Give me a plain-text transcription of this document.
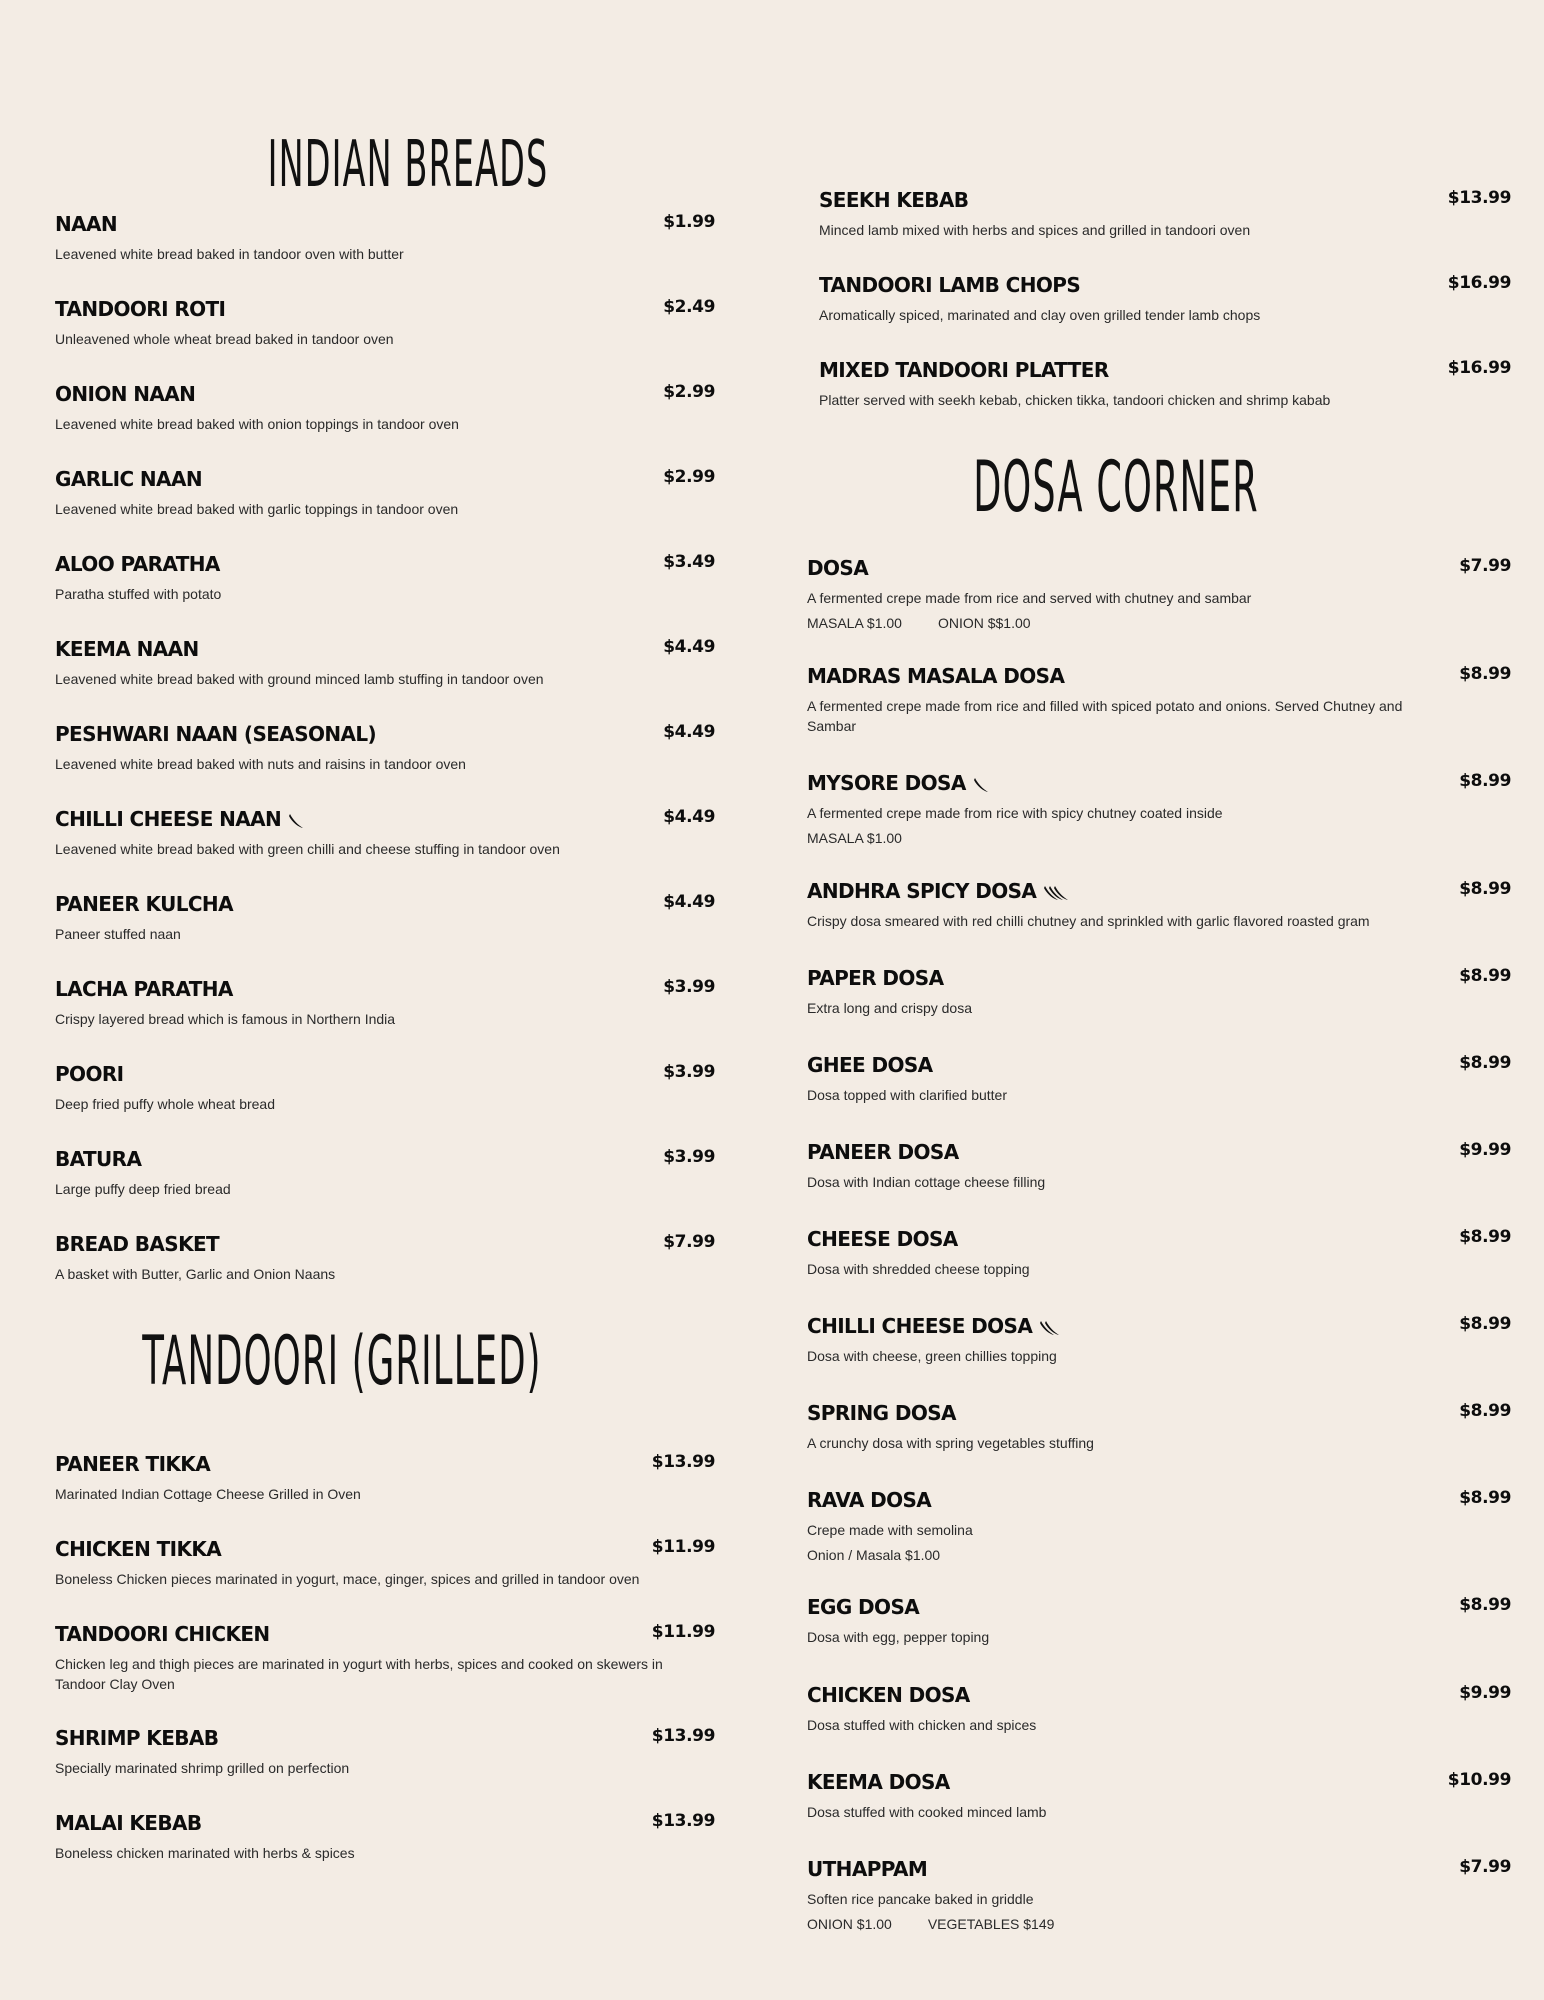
INDIAN BREADS
TANDOORI (GRILLED)
DOSA CORNER
NAAN	$1.99
Leavened white bread baked in tandoor oven with butter
TANDOORI ROTI	$2.49
Unleavened whole wheat bread baked in tandoor oven
ONION NAAN	$2.99
Leavened white bread baked with onion toppings in tandoor oven
GARLIC NAAN	$2.99
Leavened white bread baked with garlic toppings in tandoor oven
ALOO PARATHA	$3.49
Paratha stuffed with potato
KEEMA NAAN	$4.49
Leavened white bread baked with ground minced lamb stuffing in tandoor oven
PESHWARI NAAN (SEASONAL)	$4.49
Leavened white bread baked with nuts and raisins in tandoor oven
CHILLI CHEESE NAAN	$4.49
Leavened white bread baked with green chilli and cheese stuffing in tandoor oven
PANEER KULCHA	$4.49
Paneer stuffed naan
LACHA PARATHA	$3.99
Crispy layered bread which is famous in Northern India
POORI	$3.99
Deep fried puffy whole wheat bread
BATURA	$3.99
Large puffy deep fried bread
BREAD BASKET	$7.99
A basket with Butter, Garlic and Onion Naans
PANEER TIKKA	$13.99
Marinated Indian Cottage Cheese Grilled in Oven
CHICKEN TIKKA	$11.99
Boneless Chicken pieces marinated in yogurt, mace, ginger, spices and grilled in tandoor oven
TANDOORI CHICKEN	$11.99
Chicken leg and thigh pieces are marinated in yogurt with herbs, spices and cooked on skewers in Tandoor Clay Oven
SHRIMP KEBAB	$13.99
Specially marinated shrimp grilled on perfection
MALAI KEBAB	$13.99
Boneless chicken marinated with herbs & spices
SEEKH KEBAB	$13.99
Minced lamb mixed with herbs and spices and grilled in tandoori oven
TANDOORI LAMB CHOPS	$16.99
Aromatically spiced, marinated and clay oven grilled tender lamb chops
MIXED TANDOORI PLATTER	$16.99
Platter served with seekh kebab, chicken tikka, tandoori chicken and shrimp kabab
DOSA	$7.99
A fermented crepe made from rice and served with chutney and sambar
MASALA $1.00	ONION $$1.00
MADRAS MASALA DOSA	$8.99
A fermented crepe made from rice and filled with spiced potato and onions. Served Chutney and Sambar
MYSORE DOSA	$8.99
A fermented crepe made from rice with spicy chutney coated inside
MASALA $1.00
ANDHRA SPICY DOSA	$8.99
Crispy dosa smeared with red chilli chutney and sprinkled with garlic flavored roasted gram
PAPER DOSA	$8.99
Extra long and crispy dosa
GHEE DOSA	$8.99
Dosa topped with clarified butter
PANEER DOSA	$9.99
Dosa with Indian cottage cheese filling
CHEESE DOSA	$8.99
Dosa with shredded cheese topping
CHILLI CHEESE DOSA	$8.99
Dosa with cheese, green chillies topping
SPRING DOSA	$8.99
A crunchy dosa with spring vegetables stuffing
RAVA DOSA	$8.99
Crepe made with semolina
Onion / Masala $1.00
EGG DOSA	$8.99
Dosa with egg, pepper toping
CHICKEN DOSA	$9.99
Dosa stuffed with chicken and spices
KEEMA DOSA	$10.99
Dosa stuffed with cooked minced lamb
UTHAPPAM	$7.99
Soften rice pancake baked in griddle
ONION $1.00	VEGETABLES $149
